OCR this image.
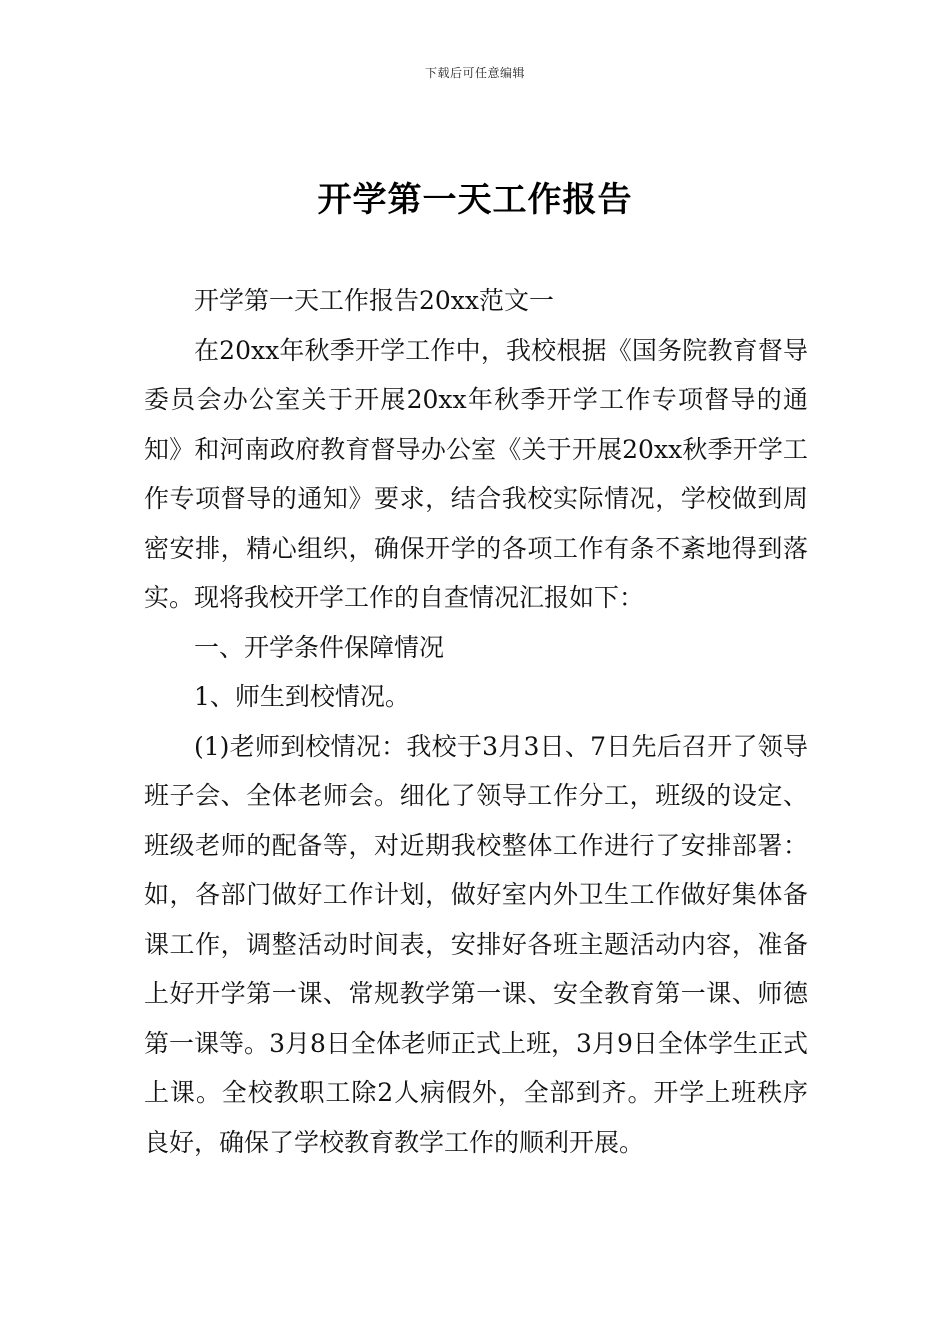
下载后可任意编辑
开学第一天工作报告

开学第一天工作报告20xx范文一

在20xx年秋季开学工作中，我校根据《国务院教育督导委员会办公室关于开展20xx年秋季开学工作专项督导的通知》和河南政府教育督导办公室《关于开展20xx秋季开学工作专项督导的通知》要求，结合我校实际情况，学校做到周密安排，精心组织，确保开学的各项工作有条不紊地得到落实。现将我校开学工作的自查情况汇报如下：

一、开学条件保障情况

1、师生到校情况。

(1)老师到校情况：我校于3月3日、7日先后召开了领导班子会、全体老师会。细化了领导工作分工，班级的设定、班级老师的配备等，对近期我校整体工作进行了安排部署：如，各部门做好工作计划，做好室内外卫生工作做好集体备课工作，调整活动时间表，安排好各班主题活动内容，准备上好开学第一课、常规教学第一课、安全教育第一课、师德第一课等。3月8日全体老师正式上班，3月9日全体学生正式上课。全校教职工除2人病假外，全部到齐。开学上班秩序良好，确保了学校教育教学工作的顺利开展。
